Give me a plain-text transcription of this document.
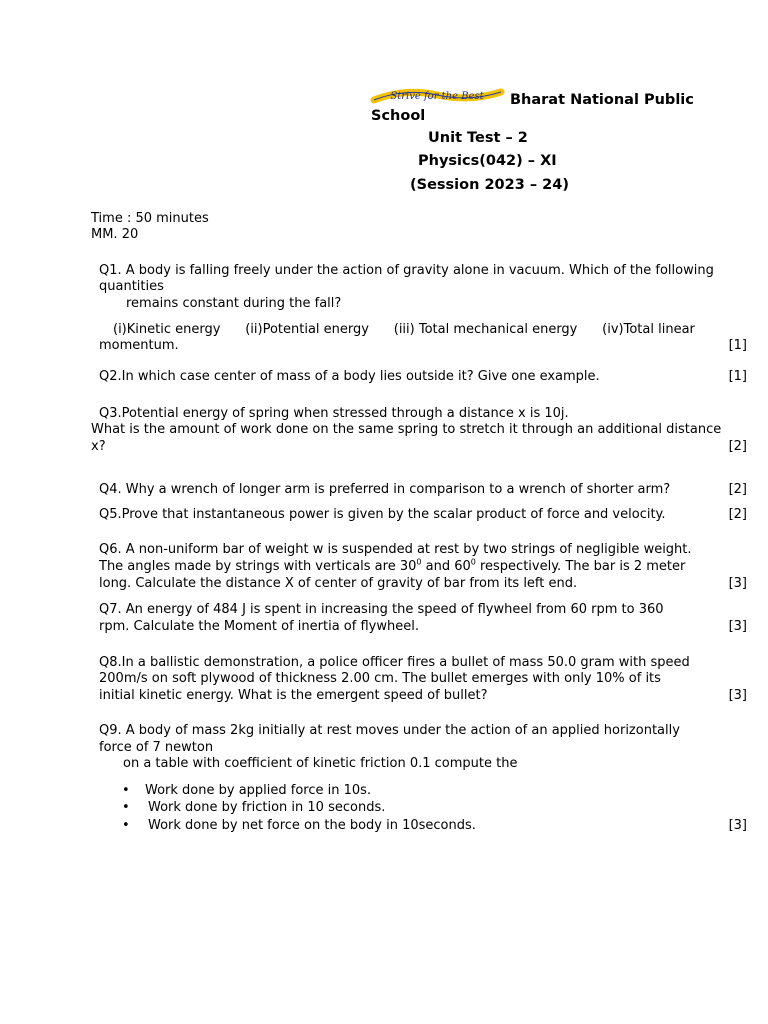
Strive for the Best Bharat National Public
School
Unit Test – 2
Physics(042) – XI
(Session 2023 – 24)
Time : 50 minutes
MM. 20
Q1. A body is falling freely under the action of gravity alone in vacuum. Which of the following
quantities
remains constant during the fall?
(i)Kinetic energy      (ii)Potential energy      (iii) Total mechanical energy      (iv)Total linear
momentum.	[1]
Q2.In which case center of mass of a body lies outside it? Give one example.	[1]
Q3.Potential energy of spring when stressed through a distance x is 10j.
What is the amount of work done on the same spring to stretch it through an additional distance
x?	[2]
Q4. Why a wrench of longer arm is preferred in comparison to a wrench of shorter arm?	[2]
Q5.Prove that instantaneous power is given by the scalar product of force and velocity.	[2]
Q6. A non-uniform bar of weight w is suspended at rest by two strings of negligible weight.
The angles made by strings with verticals are $30^0$ and $60^0$ respectively. The bar is 2 meter
long. Calculate the distance X of center of gravity of bar from its left end.	[3]
Q7. An energy of 484 J is spent in increasing the speed of flywheel from 60 rpm to 360
rpm. Calculate the Moment of inertia of flywheel.	[3]
Q8.In a ballistic demonstration, a police officer fires a bullet of mass 50.0 gram with speed
200m/s on soft plywood of thickness 2.00 cm. The bullet emerges with only 10% of its
initial kinetic energy. What is the emergent speed of bullet?	[3]
Q9. A body of mass 2kg initially at rest moves under the action of an applied horizontally
force of 7 newton
on a table with coefficient of kinetic friction 0.1 compute the
• Work done by applied force in 10s.
• Work done by friction in 10 seconds.
• Work done by net force on the body in 10seconds.	[3]
